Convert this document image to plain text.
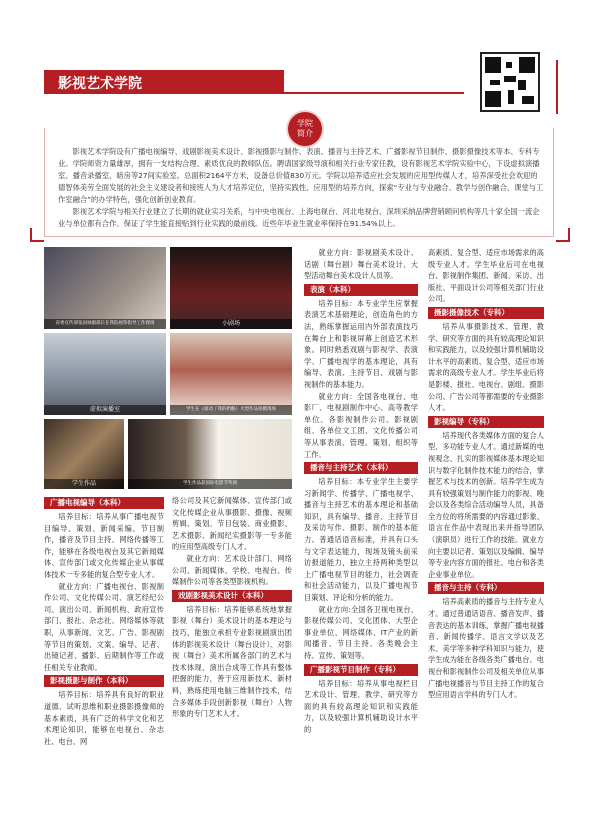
影视艺术学院
学院
简介

影视艺术学院设有广播电视编导、戏剧影视美术设计、影视摄影与制作、表演、播音与主持艺术、广播影视节目制作、摄影摄像技术等本、专科专业。学院师资力量雄厚，拥有一支结构合理、素质优良的教师队伍。聘请国家级导演和相关行业专家任教，设有影视艺术学院实验中心，下设虚拟演播室、播音录播室、暗房等27间实验室。总面积2164平方米，设备总价值830万元。学院以培养适应社会发展的应用型传媒人才，培养深受社会欢迎的德智体美劳全面发展的社会主义建设者和接班人为人才培养定位，坚持实践性、应用型的培养方向，探索“专业与专业融合、教学与创作融合、课堂与工作室融合”的办学特色，强化创新创业教育。

影视艺术学院与相关行业建立了长期的就业实习关系，与中央电视台、上海电视台、河北电视台、深圳采纳品牌营销顾问机构等几十家全国一流企业与单位都有合作。保证了学生能直接贴到行业实践的最前线。近些年毕业生就业率保持在91.54%以上。

省委宣传部张国禄副部长在我院视察指导工作现场	小剧场
虚拟演播室	学生在《谁动了我的奶酪》大型作品拍摄现场
学生作品	学生作品获国际电影节奖项
广播电视编导（本科）

培养目标：培养从事广播电视节目编导、策划、新闻采编、节目制作，播音及节目主持、网络传播等工作，能够在各级电视台及其它新闻媒体、宣传部门或文化传媒企业从事媒体技术一专多能的复合型专业人才。

就业方向：广播电视台、影视制作公司、文化传媒公司、演艺经纪公司、演出公司、新闻机构、政府宣传部门、报社、杂志社、网络媒体等就职，从事新闻、文艺、广告、影视剧等节目的策划、文案、编导、记者、出镜记者、播影、后期制作等工作或任相关专业教师。

影视摄影与制作（本科）

培养目标：培养具有良好的职业道德、试听思维和职业摄影摄像师的基本素质，具有广泛的科学文化和艺术理论知识，能够在电视台、杂志社、电台、网

络公司及其它新闻媒体、宣传部门或文化传媒企业从事摄影、摄像、视频剪辑、策划、节目包装、商业摄影、艺术摄影、新闻纪实摄影等一专多能的应用型高级专门人才。

就业方向：艺术设计部门、网络公司、新闻媒体、学校、电视台、传媒制作公司等各类型影视机构。

戏剧影视美术设计（本科）

培养目标：培养能够系统地掌握影视（舞台）美术设计的基本理论与技巧，能独立承担专业影视剧演出团体的影视美术设计（舞台设计）、对影视（舞台）美术所属各部门的艺术与技术体现、演出合成等工作具有整体把握的能力，善于应用新技术、新材料，熟练使用电脑三维制作技术，结合多媒体手段创新影视（舞台）人物形象的专门艺术人才。

就业方向：影视剧美术设计、话剧（舞台剧）舞台美术设计、大型活动舞台美术设计人员等。

表演（本科）

培养目标：本专业学生应掌握表演艺术基础理论，创造角色的方法，熟练掌握运用内外部表演技巧在舞台上和影视屏幕上创造艺术形象。同时熟悉戏剧与影视学、表演学、广播电视学的基本理论，具有编导、表演、主持节目、戏剧与影视制作的基本能力。

就业方向：全国各电视台、电影厂、电视剧制作中心、高等教学单位、各影视制作公司、影视剧组、各单位文工团、文化传播公司等从事表演、管理、策划、组织等工作。

播音与主持艺术（本科）

培养目标：本专业学生主要学习新闻学、传播学、广播电视学、播音与主持艺术的基本理论和基础知识，具有编导、播音、主持节目及采访写作、摄影、制作的基本能力。普通话语音标准，并具有口头与文字表达能力，现场及镜头前采访报道能力，独立主持两种类型以上广播电视节目的能力，社会调查和社会活动能力，以及广播电视节目策划、评论和分析的能力。

就业方向:全国各卫视电视台、影视传媒公司、文化团体、大型企事业单位、网络媒体、IT产业的新闻播音、节目主持、各类晚会主持、宣传、策划等。

广播影视节目制作（专科）

培养目标：培养从事电视栏目艺术设计、管理、教学、研究等方面的具有较高理论知识和实践能力，以及较强计算机辅助设计水平的

高素质、复合型、适应市场需求的高级专业人才。学生毕业后可在电视台、影视制作集团、新闻、采访、出版社、平面设计公司等相关部门行业公司。

摄影摄像技术（专科）

培养从事摄影技术、管理、教学、研究等方面的具有较高理论知识和实践能力，以及较强计算机辅助设计水平的高素质、复合型、适应市场需求的高级专业人才。学生毕业后将是影楼、报社、电视台、剧组、摄影公司、广告公司等都需要的专业摄影人才。

影视编导（专科）

培养现代各类媒体方面的复合人型、多功能专业人才。通过新媒的电视观念、扎实的影视媒体基本理论知识与数字化制作技术能力的结合，掌握艺术与技术的创新。培养学生成为具有较强策划与制作能力的影视、晚会以及各类综合活动编导人员，具备全方位的将所需要的内容通过影象、语言在作品中表现出来并指导团队（演职员）进行工作的技能。就业方向主要以记者、策划以及编辑、编导等专业内容方面的报社、电台和各类企业事业单位。

播音与主持（专科）

培养高素质的播音与主持专业人才。通过普通话语音、播音发声、播音表达的基本训练，掌握广播电视播音、新闻传播学、语言文学以及艺术、美学等多种学科知识与能力，使学生成为能在各级各类广播电台、电视台和影视制作公司及相关单位从事广播电视播音与节目主持工作的复合型应用语言学科的专门人才。
